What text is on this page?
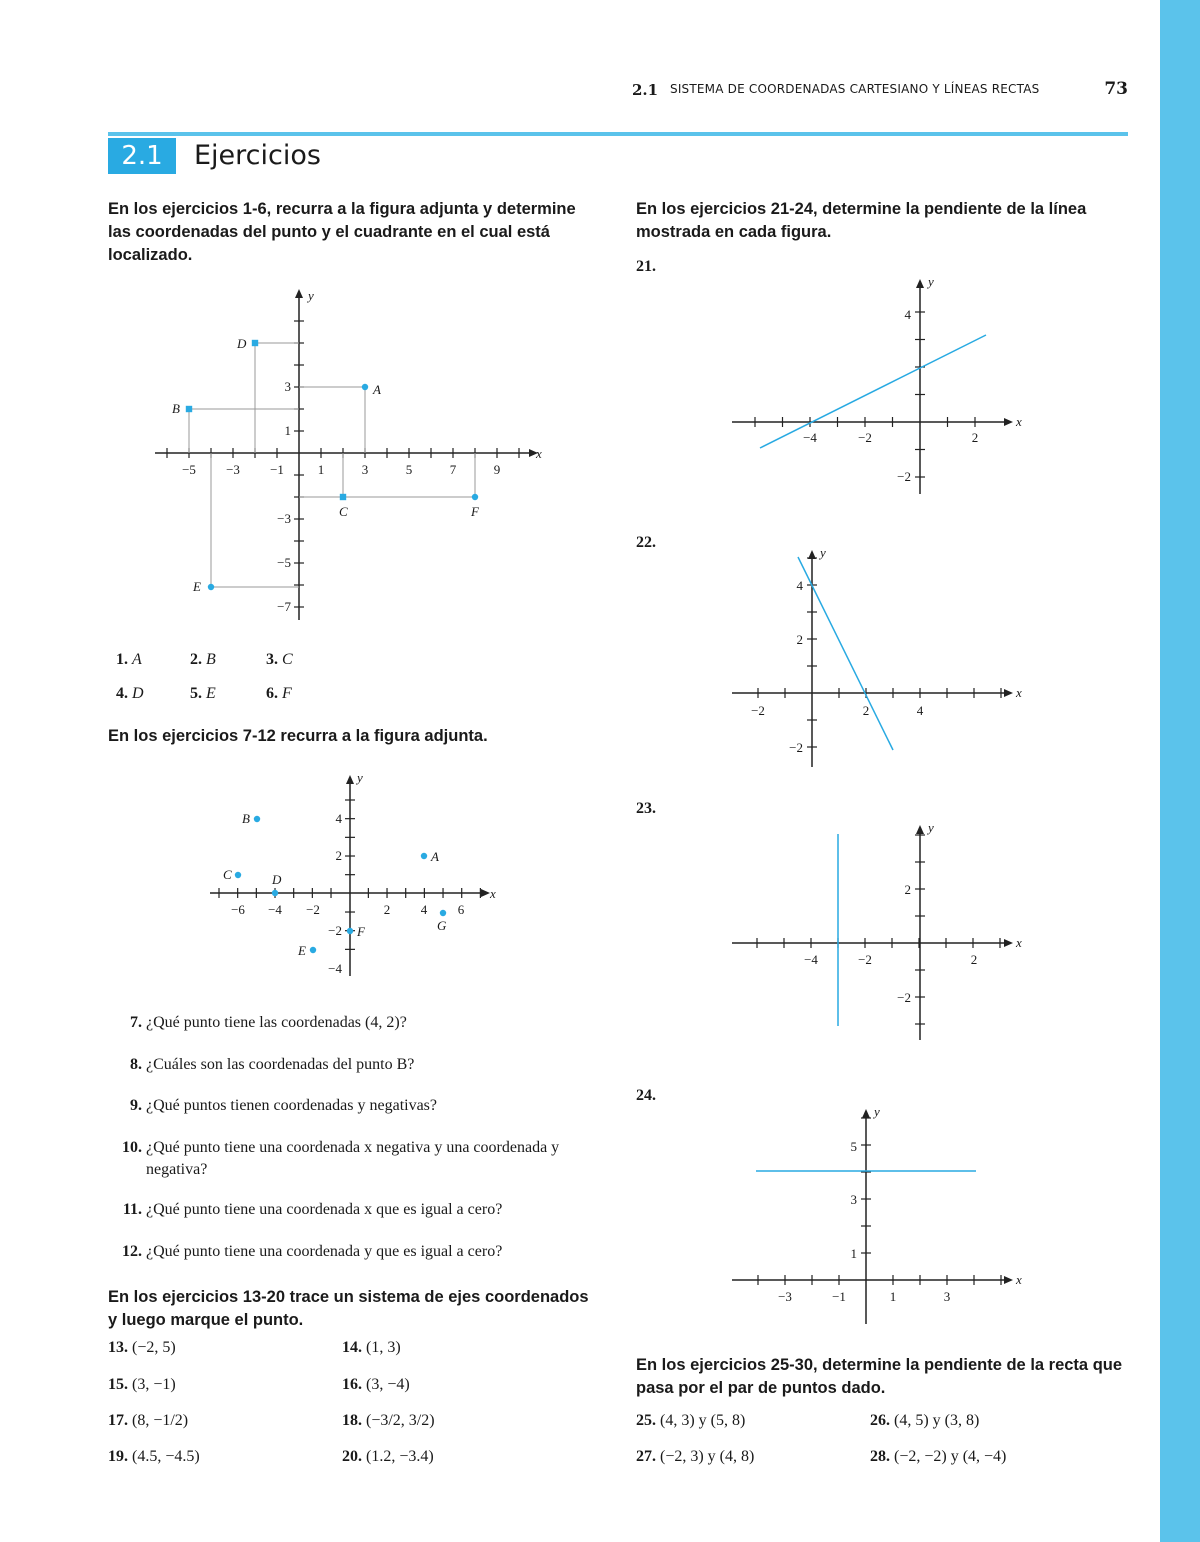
2.1 SISTEMA DE COORDENADAS CARTESIANO Y LÍNEAS RECTAS	73
2.1	Ejercicios
En los ejercicios 1-6, recurra a la figura adjunta y determine las coordenadas del punto y el cuadrante en el cual está localizado.
A
B
C
D
E
F
x
y
−5 −3 −1	1	3	5	7	9
3
1
−3
−5
−7
1. A	2. B	3. C
4. D	5. E	6. F
En los ejercicios 7-12 recurra a la figura adjunta.
A
B
C	D
E
F	G
x
y
−6 −4 −2	2 4 6
4
2
−2
−4
7. ¿Qué punto tiene las coordenadas (4, 2)?
8. ¿Cuáles son las coordenadas del punto B?
9. ¿Qué puntos tienen coordenadas y negativas?
10. ¿Qué punto tiene una coordenada x negativa y una coordenada y negativa?
11. ¿Qué punto tiene una coordenada x que es igual a cero?
12. ¿Qué punto tiene una coordenada y que es igual a cero?
En los ejercicios 13-20 trace un sistema de ejes coordenados y luego marque el punto.
13. (−2, 5)	14. (1, 3)
15. (3, −1)	16. (3, −4)
17. (8, −1/2)	18. (−3/2, 3/2)
19. (4.5, −4.5)	20. (1.2, −3.4)
En los ejercicios 21-24, determine la pendiente de la línea mostrada en cada figura.
21.
x
y
−4	−2	2
4
−2
22.
x
y
−2	2	4
4
2
−2
23.
x
y
−4	−2	2
2
−2
24.
x
y
−3	−1	1	3
5
3
1
En los ejercicios 25-30, determine la pendiente de la recta que pasa por el par de puntos dado.
25. (4, 3) y (5, 8)	26. (4, 5) y (3, 8)
27. (−2, 3) y (4, 8)	28. (−2, −2) y (4, −4)
